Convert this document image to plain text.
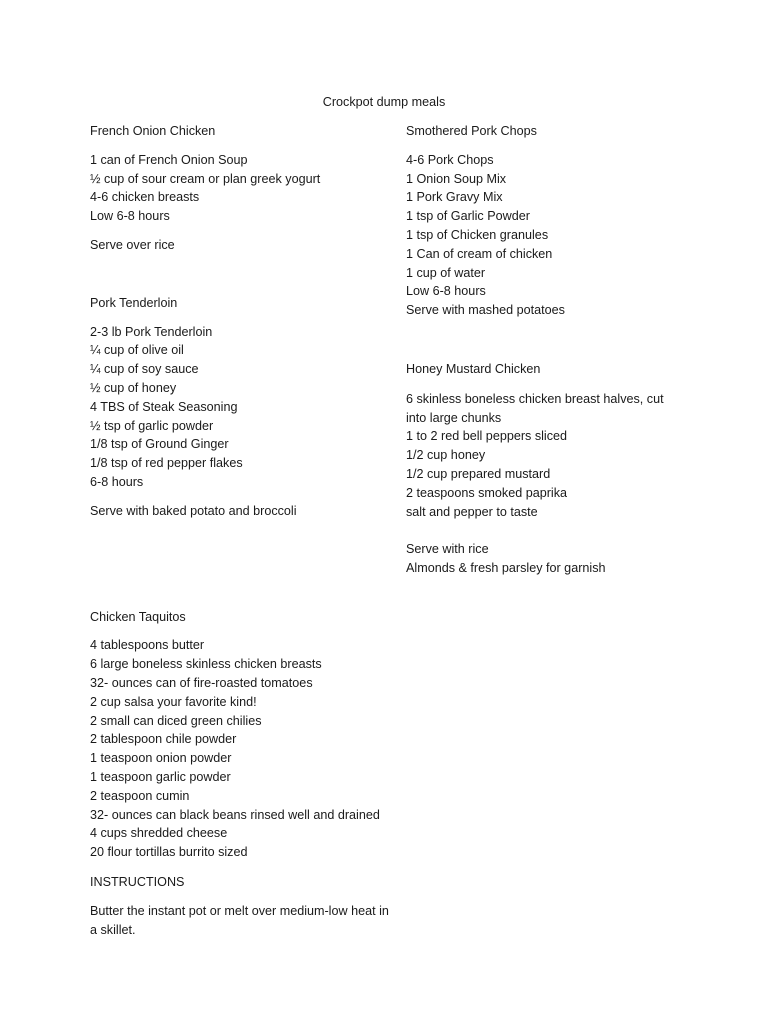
Crockpot dump meals
French Onion Chicken
1 can of French Onion Soup
½ cup of sour cream or plan greek yogurt
4-6 chicken breasts
Low 6-8 hours
Serve over rice
Pork Tenderloin
2-3 lb Pork Tenderloin
¼ cup of olive oil
¼ cup of soy sauce
½ cup of honey
4 TBS of Steak Seasoning
½ tsp of garlic powder
1/8 tsp of Ground Ginger
1/8 tsp of red pepper flakes
6-8 hours
Serve with baked potato and broccoli
Chicken Taquitos
4 tablespoons butter
6 large boneless skinless chicken breasts
32- ounces can of fire-roasted tomatoes
2 cup salsa your favorite kind!
2 small can diced green chilies
2 tablespoon chile powder
1 teaspoon onion powder
1 teaspoon garlic powder
2 teaspoon cumin
32- ounces can black beans rinsed well and drained
4 cups shredded cheese
20 flour tortillas burrito sized
INSTRUCTIONS
Butter the instant pot or melt over medium-low heat in a skillet.
Smothered Pork Chops
4-6 Pork Chops
1 Onion Soup Mix
1 Pork Gravy Mix
1 tsp of Garlic Powder
1 tsp of Chicken granules
1 Can of cream of chicken
1 cup of water
Low 6-8 hours
Serve with mashed potatoes
Honey Mustard Chicken
6 skinless boneless chicken breast halves, cut into large chunks
1 to 2 red bell peppers sliced
1/2 cup honey
1/2 cup prepared mustard
2 teaspoons smoked paprika
salt and pepper to taste
Serve with rice
Almonds & fresh parsley for garnish
